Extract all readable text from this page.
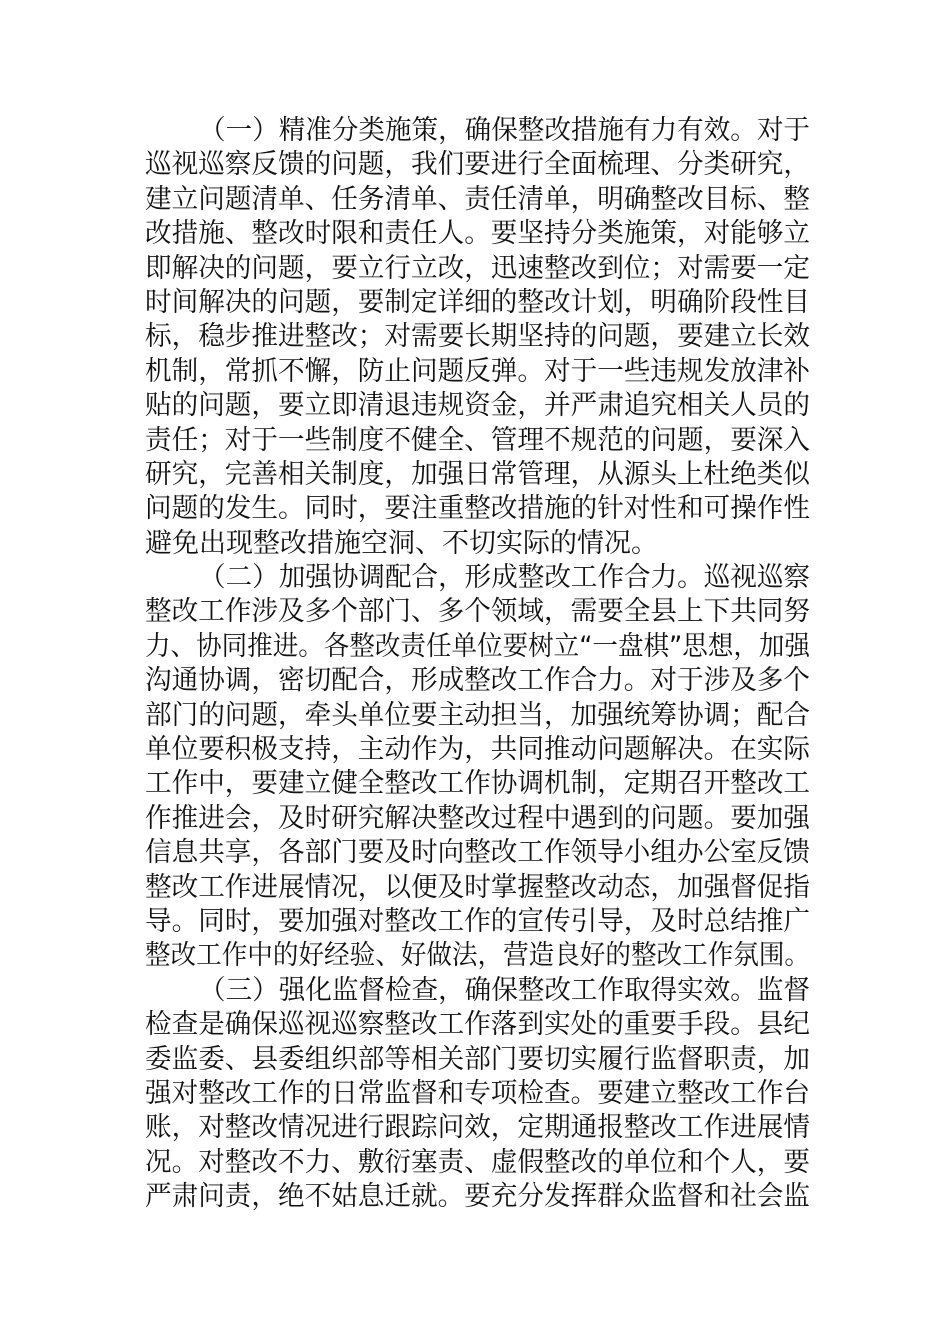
（一）精准分类施策，确保整改措施有力有效。对于
巡视巡察反馈的问题，我们要进行全面梳理、分类研究，
建立问题清单、任务清单、责任清单，明确整改目标、整
改措施、整改时限和责任人。要坚持分类施策，对能够立
即解决的问题，要立行立改，迅速整改到位；对需要一定
时间解决的问题，要制定详细的整改计划，明确阶段性目
标，稳步推进整改；对需要长期坚持的问题，要建立长效
机制，常抓不懈，防止问题反弹。对于一些违规发放津补
贴的问题，要立即清退违规资金，并严肃追究相关人员的
责任；对于一些制度不健全、管理不规范的问题，要深入
研究，完善相关制度，加强日常管理，从源头上杜绝类似
问题的发生。同时，要注重整改措施的针对性和可操作性
避免出现整改措施空洞、不切实际的情况。
（二）加强协调配合，形成整改工作合力。巡视巡察
整改工作涉及多个部门、多个领域，需要全县上下共同努
力、协同推进。各整改责任单位要树立“一盘棋”思想，加强
沟通协调，密切配合，形成整改工作合力。对于涉及多个
部门的问题，牵头单位要主动担当，加强统筹协调；配合
单位要积极支持，主动作为，共同推动问题解决。在实际
工作中，要建立健全整改工作协调机制，定期召开整改工
作推进会，及时研究解决整改过程中遇到的问题。要加强
信息共享，各部门要及时向整改工作领导小组办公室反馈
整改工作进展情况，以便及时掌握整改动态，加强督促指
导。同时，要加强对整改工作的宣传引导，及时总结推广
整改工作中的好经验、好做法，营造良好的整改工作氛围。
（三）强化监督检查，确保整改工作取得实效。监督
检查是确保巡视巡察整改工作落到实处的重要手段。县纪
委监委、县委组织部等相关部门要切实履行监督职责，加
强对整改工作的日常监督和专项检查。要建立整改工作台
账，对整改情况进行跟踪问效，定期通报整改工作进展情
况。对整改不力、敷衍塞责、虚假整改的单位和个人，要
严肃问责，绝不姑息迁就。要充分发挥群众监督和社会监
